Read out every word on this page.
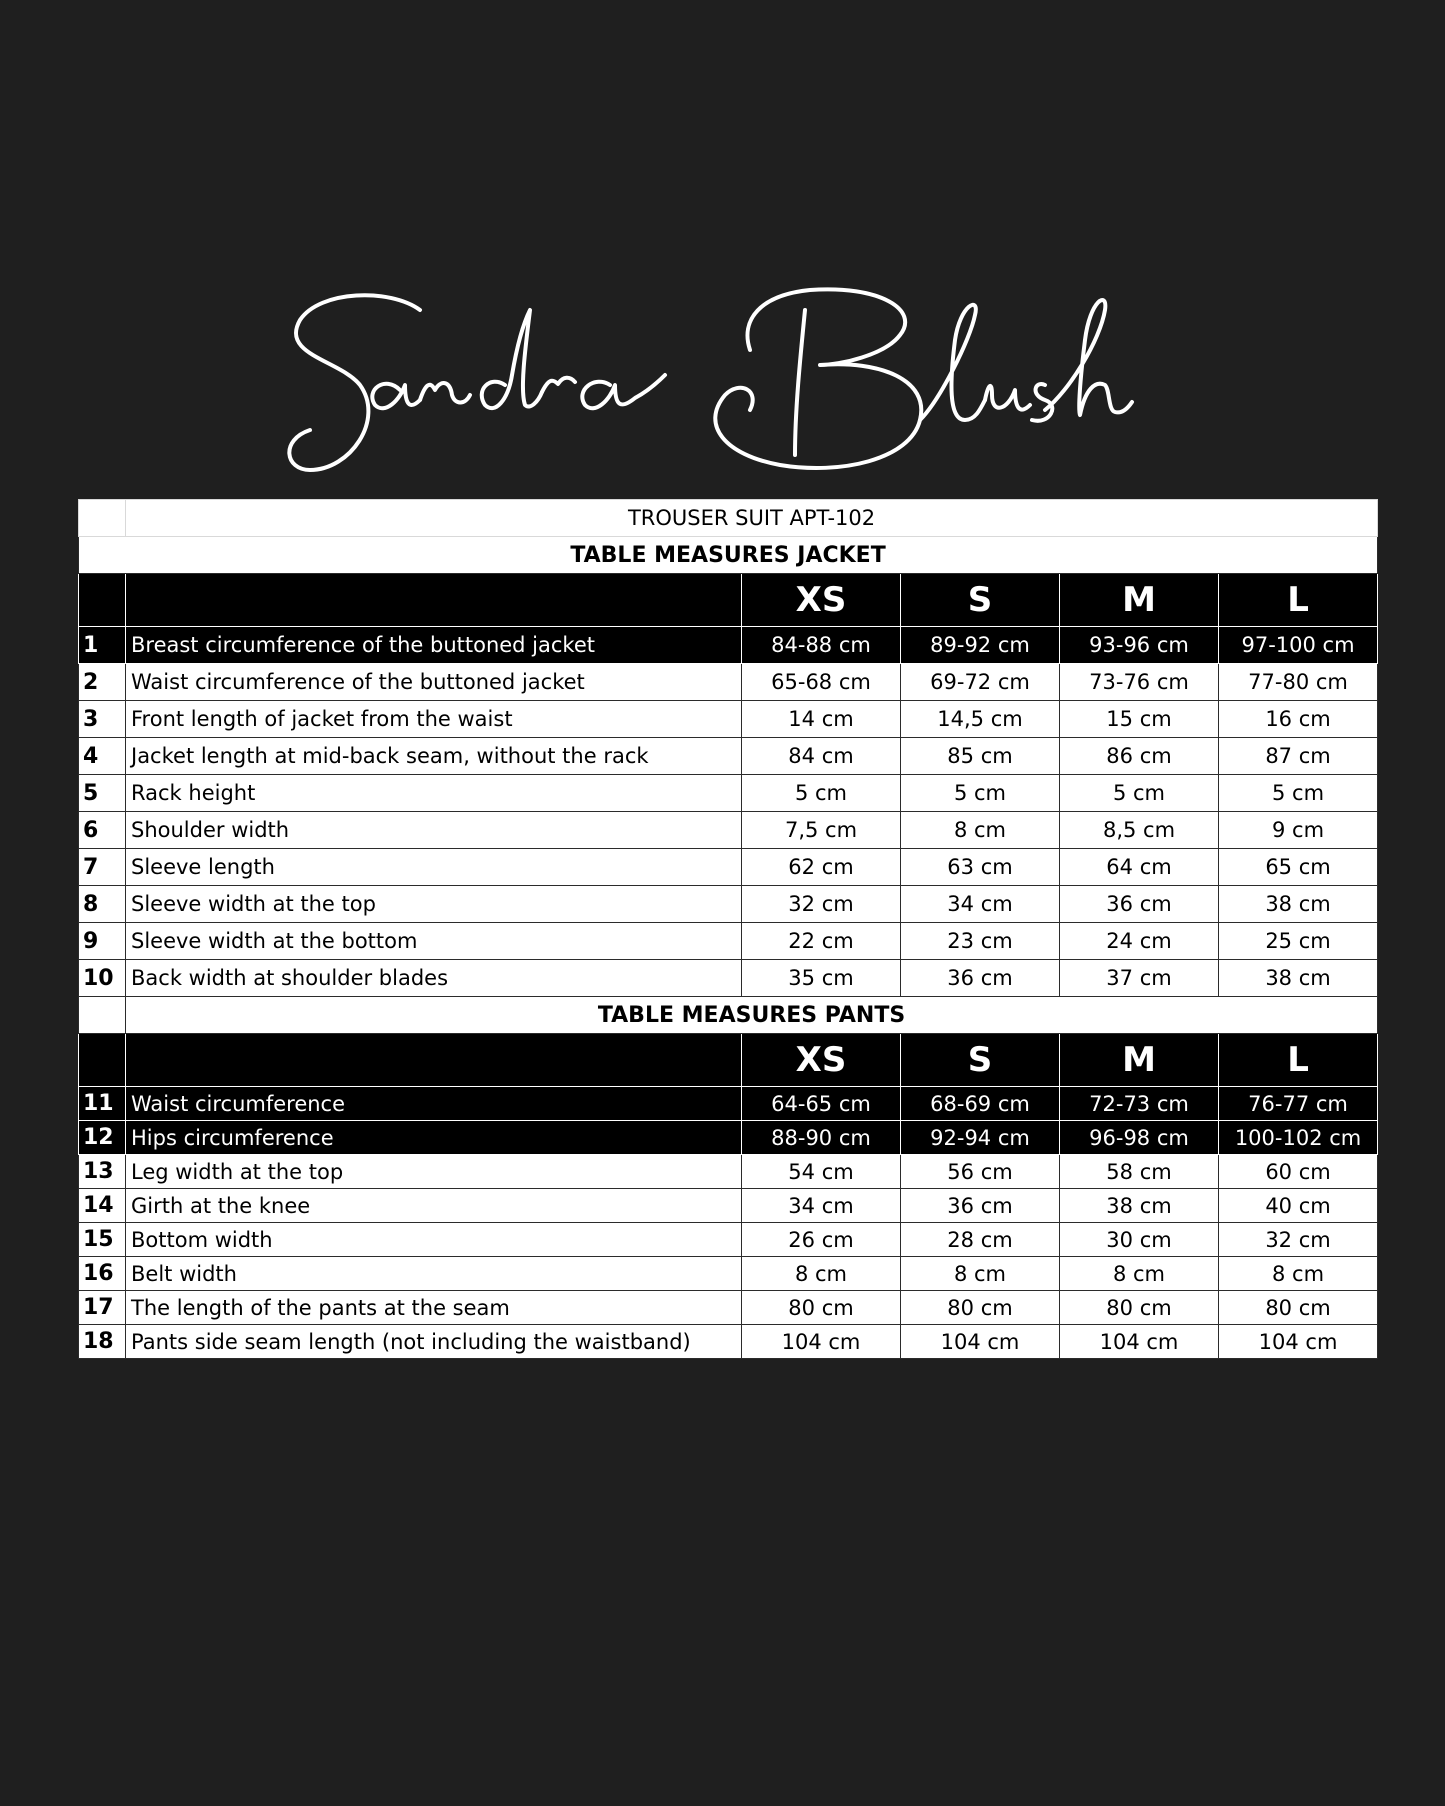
	TROUSER SUIT APT-102				
TABLE MEASURES JACKET					
		XS	S	M	L
1	Breast circumference of the buttoned jacket	84-88 cm	89-92 cm	93-96 cm	97-100 cm
2	Waist circumference of the buttoned jacket	65-68 cm	69-72 cm	73-76 cm	77-80 cm
3	Front length of jacket from the waist	14 cm	14,5 cm	15 cm	16 cm
4	Jacket length at mid-back seam, without the rack	84 cm	85 cm	86 cm	87 cm
5	Rack height	5 cm	5 cm	5 cm	5 cm
6	Shoulder width	7,5 cm	8 cm	8,5 cm	9 cm
7	Sleeve length	62 cm	63 cm	64 cm	65 cm
8	Sleeve width at the top	32 cm	34 cm	36 cm	38 cm
9	Sleeve width at the bottom	22 cm	23 cm	24 cm	25 cm
10	Back width at shoulder blades	35 cm	36 cm	37 cm	38 cm
	TABLE MEASURES PANTS				
		XS	S	M	L
11	Waist circumference	64-65 cm	68-69 cm	72-73 cm	76-77 cm
12	Hips circumference	88-90 cm	92-94 cm	96-98 cm	100-102 cm
13	Leg width at the top	54 cm	56 cm	58 cm	60 cm
14	Girth at the knee	34 cm	36 cm	38 cm	40 cm
15	Bottom width	26 cm	28 cm	30 cm	32 cm
16	Belt width	8 cm	8 cm	8 cm	8 cm
17	The length of the pants at the seam	80 cm	80 cm	80 cm	80 cm
18	Pants side seam length (not including the waistband)	104 cm	104 cm	104 cm	104 cm
